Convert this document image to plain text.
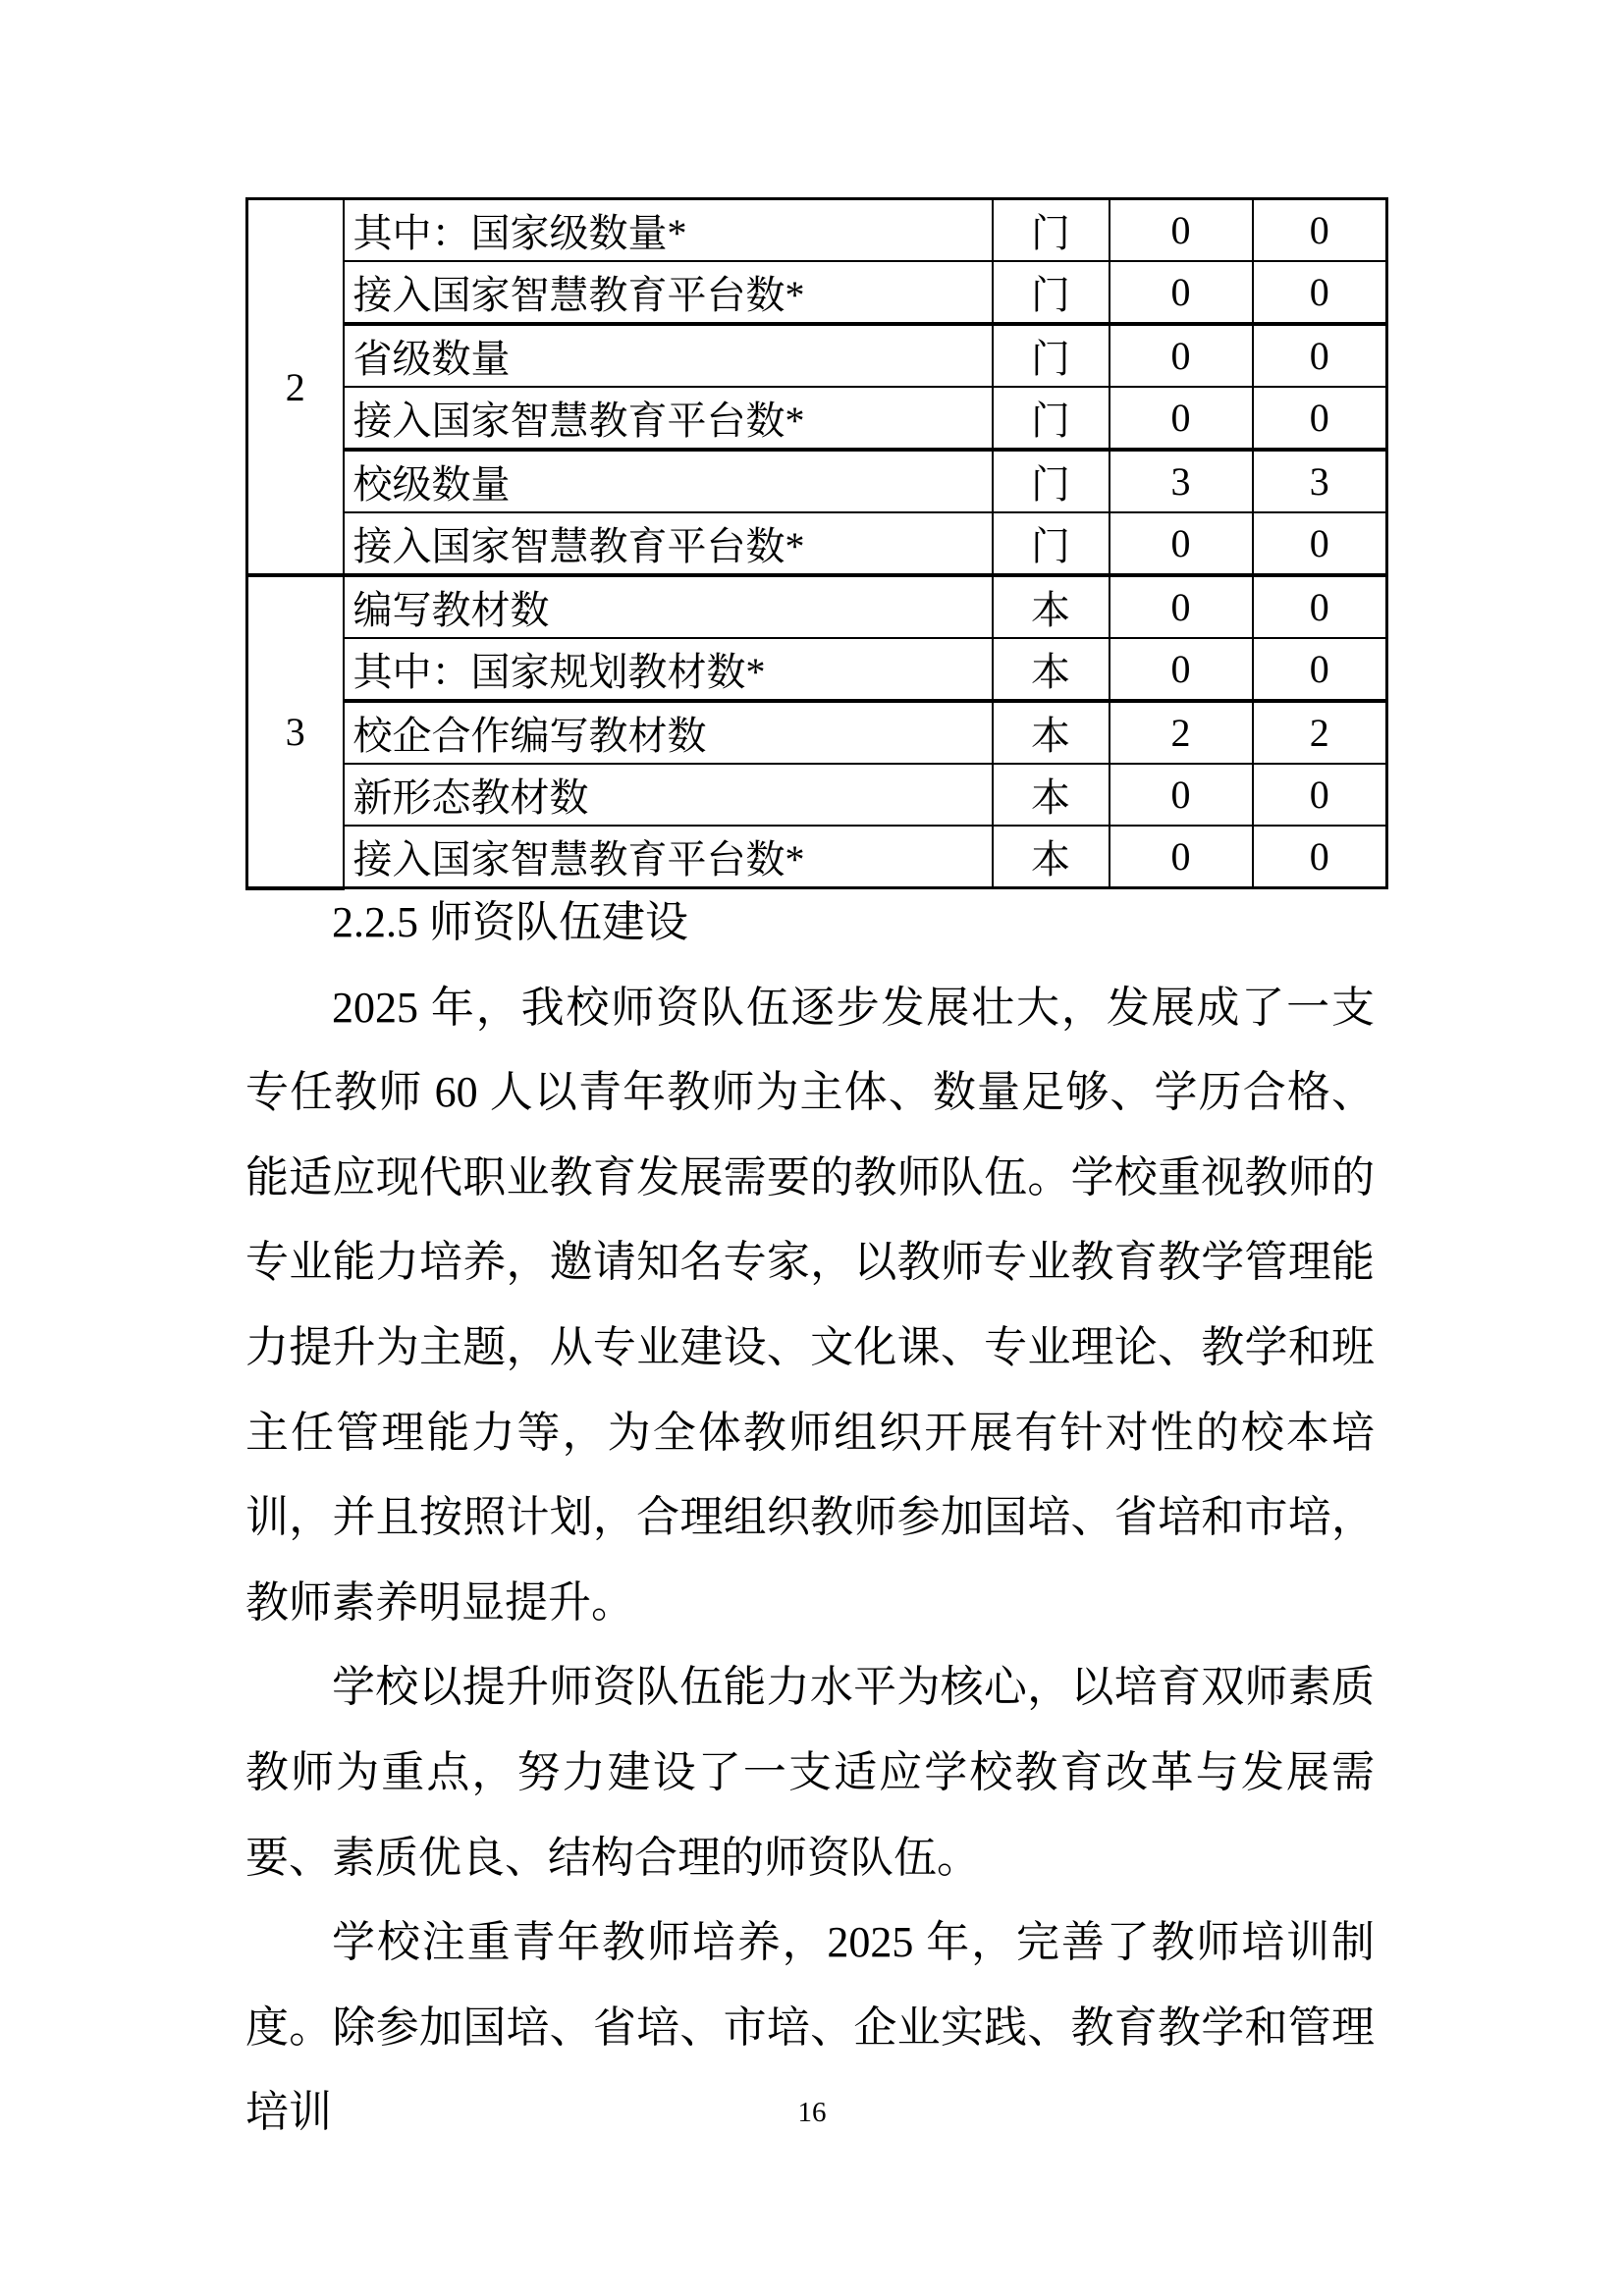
2	其中：国家级数量*	门	0	0
	接入国家智慧教育平台数*	门	0	0
	省级数量	门	0	0
	接入国家智慧教育平台数*	门	0	0
	校级数量	门	3	3
	接入国家智慧教育平台数*	门	0	0
3	编写教材数	本	0	0
	其中：国家规划教材数*	本	0	0
	校企合作编写教材数	本	2	2
	新形态教材数	本	0	0
	接入国家智慧教育平台数*	本	0	0

2.2.5 师资队伍建设

2025 年，我校师资队伍逐步发展壮大，发展成了一支专任教师 60 人以青年教师为主体、数量足够、学历合格、能适应现代职业教育发展需要的教师队伍。学校重视教师的专业能力培养，邀请知名专家，以教师专业教育教学管理能力提升为主题，从专业建设、文化课、专业理论、教学和班主任管理能力等，为全体教师组织开展有针对性的校本培训，并且按照计划，合理组织教师参加国培、省培和市培，教师素养明显提升。

学校以提升师资队伍能力水平为核心，以培育双师素质教师为重点，努力建设了一支适应学校教育改革与发展需要、素质优良、结构合理的师资队伍。

学校注重青年教师培养，2025 年，完善了教师培训制度。除参加国培、省培、市培、企业实践、教育教学和管理培训	16
